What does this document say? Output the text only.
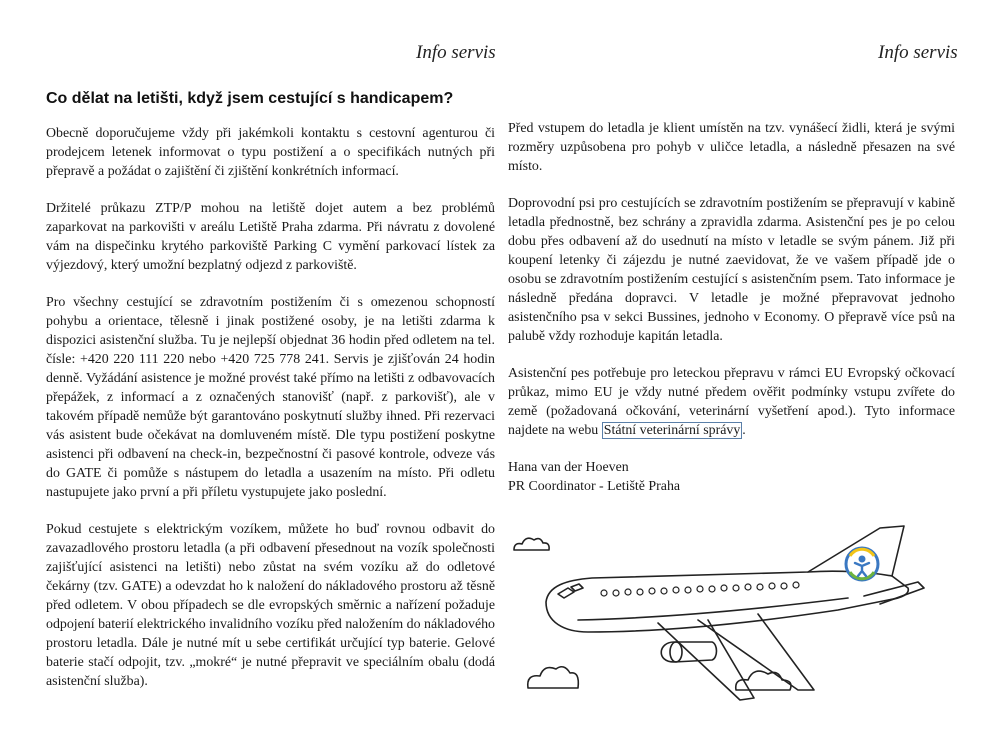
Info servis	Info servis
Co dělat na letišti, když jsem cestující s handicapem?

Obecně doporučujeme vždy při jakémkoli kontaktu s cestovní agenturou či prodejcem letenek informovat o typu postižení a o specifikách nutných při přepravě a požádat o zajištění či zjištění konkrétních informací.

Držitelé průkazu ZTP/P mohou na letiště dojet autem a bez problémů zaparkovat na parkovišti v areálu Letiště Praha zdarma. Při návratu z dovolené vám na dispečinku krytého parkoviště Parking C vymění parkovací lístek za výjezdový, který umožní bezplatný odjezd z parkoviště.

Pro všechny cestující se zdravotním postižením či s omezenou schopností pohybu a orientace, tělesně i jinak postižené osoby, je na letišti zdarma k dispozici asistenční služba. Tu je nejlepší objednat 36 hodin před odletem na tel. čísle: +420 220 111 220 nebo +420 725 778 241. Servis je zjišťován 24 hodin denně. Vyžádání asistence je možné provést také přímo na letišti z odbavovacích přepážek, z informací a z označených stanovišť (např. z parkovišť), ale v takovém případě nemůže být garantováno poskytnutí služby ihned. Při rezervaci vás asistent bude očekávat na domluveném místě. Dle typu postižení poskytne asistenci při odbavení na check-in, bezpečnostní či pasové kontrole, odveze vás do GATE či pomůže s nástupem do letadla a usazením na místo. Při odletu nastupujete jako první a při příletu vystupujete jako poslední.

Pokud cestujete s elektrickým vozíkem, můžete ho buď rovnou odbavit do zavazadlového prostoru letadla (a při odbavení přesednout na vozík společnosti zajišťující asistenci na letišti) nebo zůstat na svém vozíku až do odletové čekárny (tzv. GATE) a odevzdat ho k naložení do nákladového prostoru až těsně před odletem. V obou případech se dle evropských směrnic a nařízení požaduje odpojení baterií elektrického invalidního vozíku před naložením do nákladového prostoru letadla. Dále je nutné mít u sebe certifikát určující typ baterie. Gelové baterie stačí odpojit, tzv. „mokré“ je nutné přepravit ve speciálním obalu (dodá asistenční služba).

Před vstupem do letadla je klient umístěn na tzv. vynášecí židli, která je svými rozměry uzpůsobena pro pohyb v uličce letadla, a následně přesazen na své místo.

Doprovodní psi pro cestujících se zdravotním postižením se přepravují v kabině letadla přednostně, bez schrány a zpravidla zdarma. Asistenční pes je po celou dobu přes odbavení až do usednutí na místo v letadle se svým pánem. Již při koupení letenky či zájezdu je nutné zaevidovat, že ve vašem případě jde o osobu se zdravotním postižením cestující s asistenčním psem. Tato informace je následně předána dopravci. V letadle je možné přepravovat jednoho asistenčního psa v sekci Bussines, jednoho v Economy. O přepravě více psů na palubě vždy rozhoduje kapitán letadla.

Asistenční pes potřebuje pro leteckou přepravu v rámci EU Evropský očkovací průkaz, mimo EU je vždy nutné předem ověřit podmínky vstupu zvířete do země (požadovaná očkování, veterinární vyšetření apod.). Tyto informace najdete na webu Státní veterinární správy .

Hana van der Hoeven

PR Coordinator - Letiště Praha
